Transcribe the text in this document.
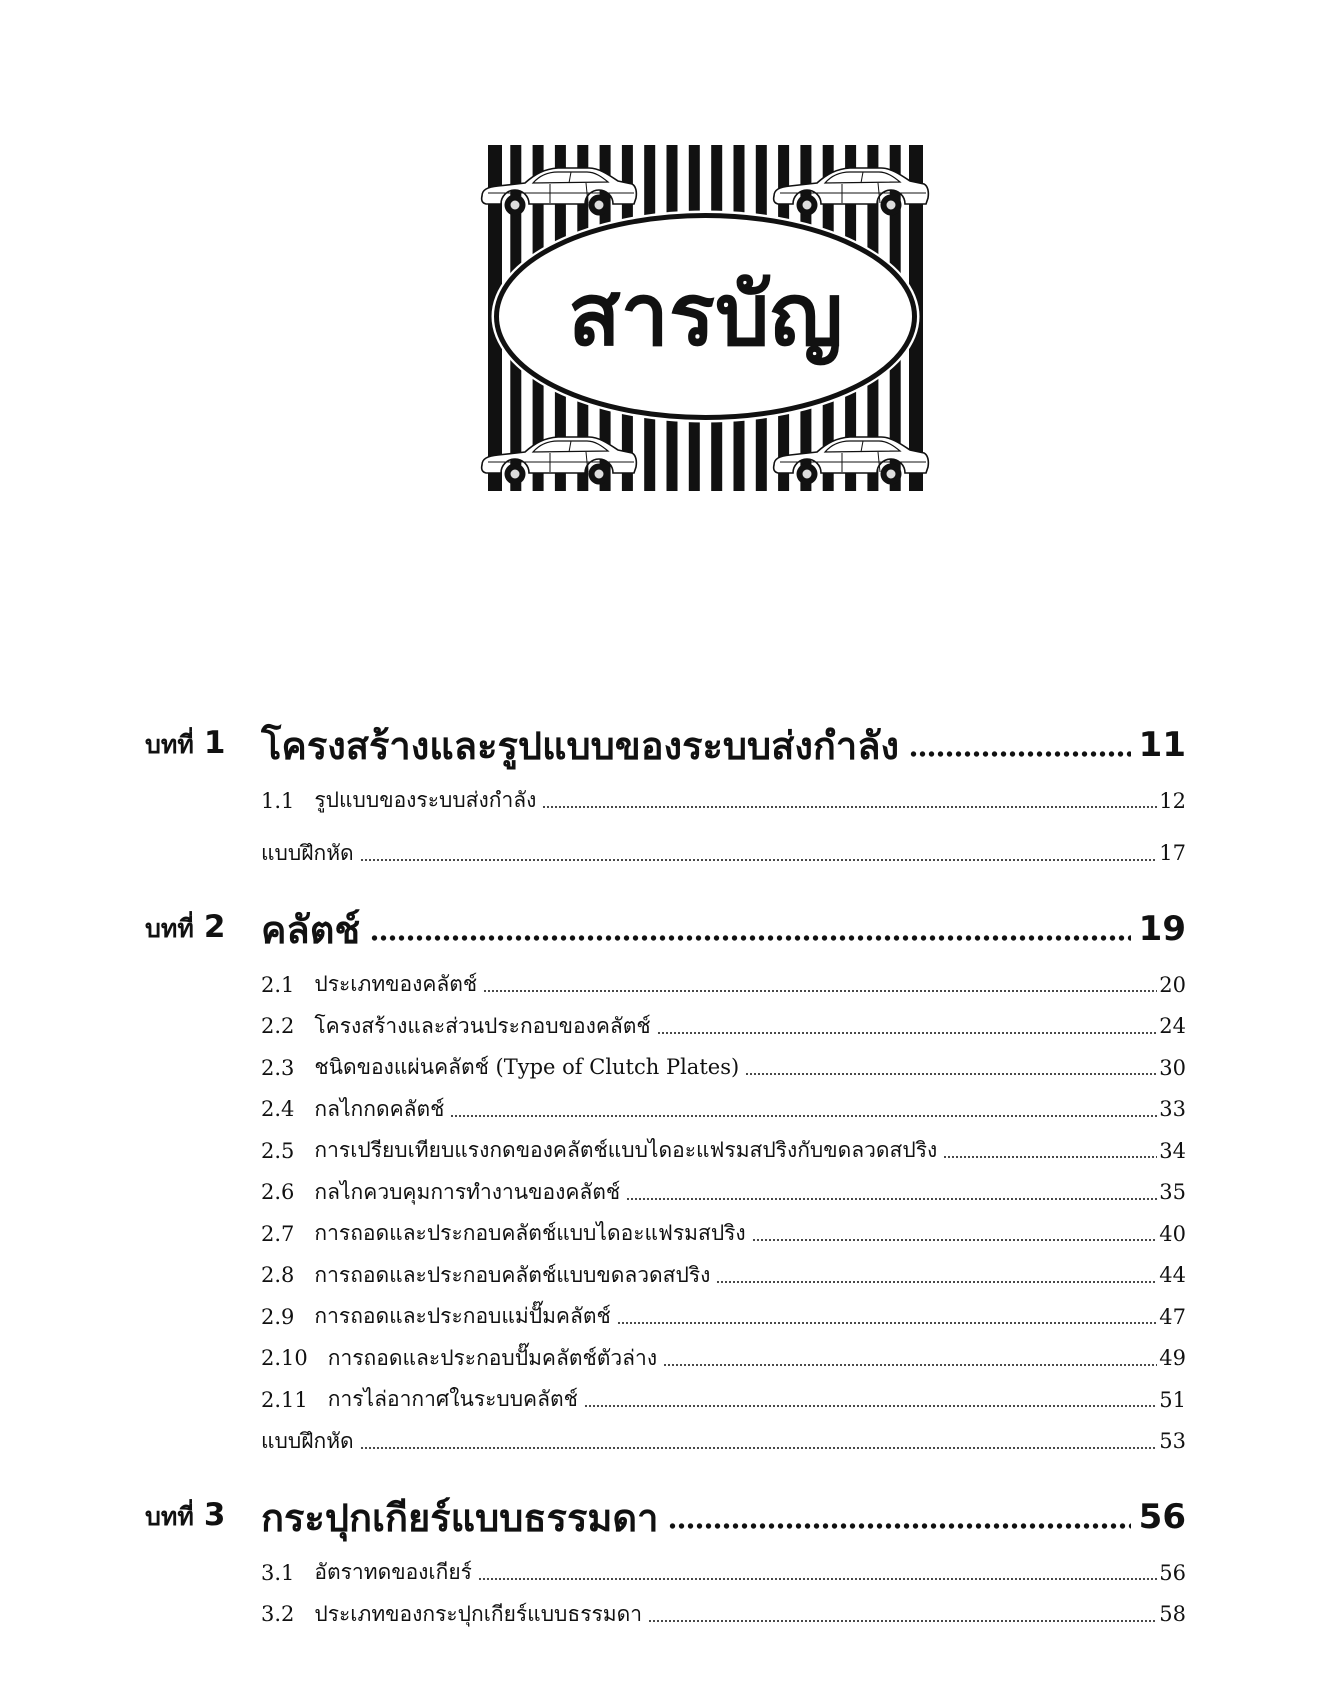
สารบัญ
บทที่ 1 โครงสร้างและรูปแบบของระบบส่งกำลัง	11
1.1 รูปแบบของระบบส่งกำลัง	12
แบบฝึกหัด	17
บทที่ 2 คลัตช์	19
2.1 ประเภทของคลัตช์	20
2.2 โครงสร้างและส่วนประกอบของคลัตช์	24
2.3 ชนิดของแผ่นคลัตช์ (Type of Clutch Plates)	30
2.4 กลไกกดคลัตช์	33
2.5 การเปรียบเทียบแรงกดของคลัตช์แบบไดอะแฟรมสปริงกับขดลวดสปริง	34
2.6 กลไกควบคุมการทำงานของคลัตช์	35
2.7 การถอดและประกอบคลัตช์แบบไดอะแฟรมสปริง	40
2.8 การถอดและประกอบคลัตช์แบบขดลวดสปริง	44
2.9 การถอดและประกอบแม่ปั๊มคลัตช์	47
2.10 การถอดและประกอบปั๊มคลัตช์ตัวล่าง	49
2.11 การไล่อากาศในระบบคลัตช์	51
แบบฝึกหัด	53
บทที่ 3 กระปุกเกียร์แบบธรรมดา	56
3.1 อัตราทดของเกียร์	56
3.2 ประเภทของกระปุกเกียร์แบบธรรมดา	58
